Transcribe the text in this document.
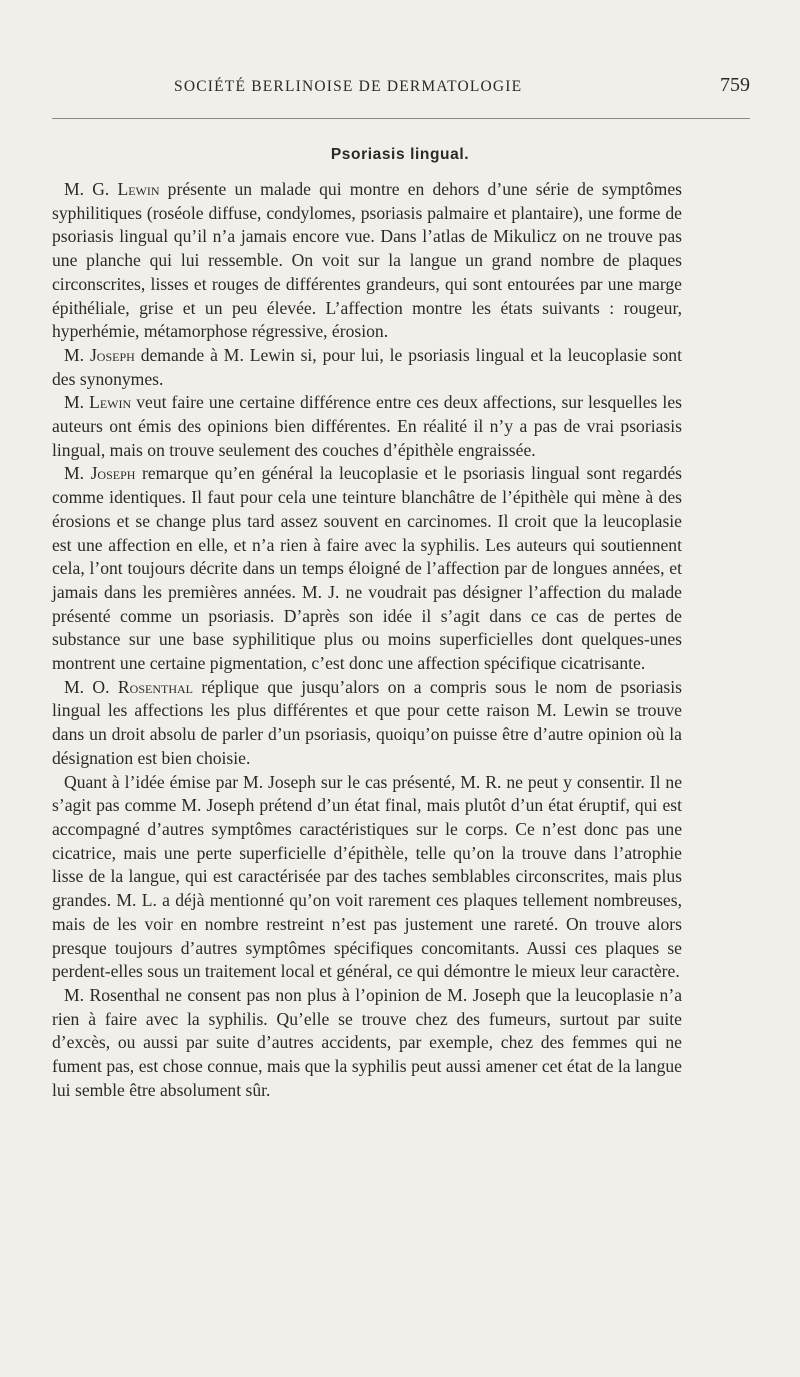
SOCIÉTÉ BERLINOISE DE DERMATOLOGIE	759
Psoriasis lingual.

M. G. Lewin présente un malade qui montre en dehors d’une série de symptômes syphilitiques (roséole diffuse, condylomes, psoriasis palmaire et plantaire), une forme de psoriasis lingual qu’il n’a jamais encore vue. Dans l’atlas de Mikulicz on ne trouve pas une planche qui lui ressemble. On voit sur la langue un grand nombre de plaques circonscrites, lisses et rouges de différentes grandeurs, qui sont entourées par une marge épithéliale, grise et un peu élevée. L’affection montre les états suivants : rougeur, hyperhémie, métamorphose régressive, érosion.

M. Joseph demande à M. Lewin si, pour lui, le psoriasis lingual et la leucoplasie sont des synonymes.

M. Lewin veut faire une certaine différence entre ces deux affections, sur lesquelles les auteurs ont émis des opinions bien différentes. En réalité il n’y a pas de vrai psoriasis lingual, mais on trouve seulement des couches d’épithèle engraissée.

M. Joseph remarque qu’en général la leucoplasie et le psoriasis lingual sont regardés comme identiques. Il faut pour cela une teinture blanchâtre de l’épithèle qui mène à des érosions et se change plus tard assez souvent en carcinomes. Il croit que la leucoplasie est une affection en elle, et n’a rien à faire avec la syphilis. Les auteurs qui soutiennent cela, l’ont toujours décrite dans un temps éloigné de l’affection par de longues années, et jamais dans les premières années. M. J. ne voudrait pas désigner l’affection du malade présenté comme un psoriasis. D’après son idée il s’agit dans ce cas de pertes de substance sur une base syphilitique plus ou moins superficielles dont quelques-unes montrent une certaine pigmentation, c’est donc une affection spécifique cicatrisante.

M. O. Rosenthal réplique que jusqu’alors on a compris sous le nom de psoriasis lingual les affections les plus différentes et que pour cette raison M. Lewin se trouve dans un droit absolu de parler d’un psoriasis, quoiqu’on puisse être d’autre opinion où la désignation est bien choisie.

Quant à l’idée émise par M. Joseph sur le cas présenté, M. R. ne peut y consentir. Il ne s’agit pas comme M. Joseph prétend d’un état final, mais plutôt d’un état éruptif, qui est accompagné d’autres symptômes caractéristiques sur le corps. Ce n’est donc pas une cicatrice, mais une perte superficielle d’épithèle, telle qu’on la trouve dans l’atrophie lisse de la langue, qui est caractérisée par des taches semblables circonscrites, mais plus grandes. M. L. a déjà mentionné qu’on voit rarement ces plaques tellement nombreuses, mais de les voir en nombre restreint n’est pas justement une rareté. On trouve alors presque toujours d’autres symptômes spécifiques concomitants. Aussi ces plaques se perdent-elles sous un traitement local et général, ce qui démontre le mieux leur caractère.

M. Rosenthal ne consent pas non plus à l’opinion de M. Joseph que la leucoplasie n’a rien à faire avec la syphilis. Qu’elle se trouve chez des fumeurs, surtout par suite d’excès, ou aussi par suite d’autres accidents, par exemple, chez des femmes qui ne fument pas, est chose connue, mais que la syphilis peut aussi amener cet état de la langue lui semble être absolument sûr.
